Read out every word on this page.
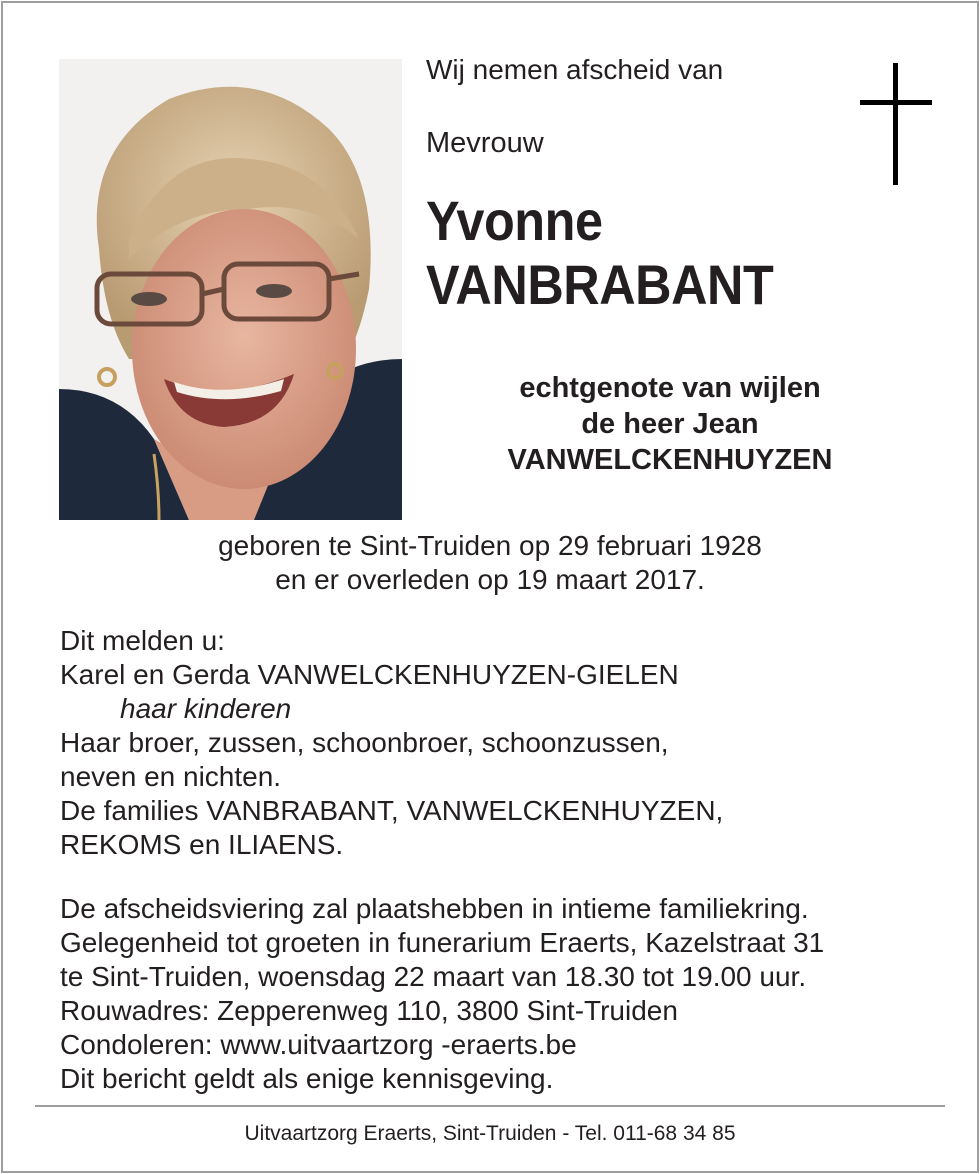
Wij nemen afscheid van
Mevrouw
Yvonne
VANBRABANT
echtgenote van wijlen
de heer Jean
VANWELCKENHUYZEN
geboren te Sint-Truiden op 29 februari 1928
en er overleden op 19 maart 2017.
Dit melden u:
Karel en Gerda VANWELCKENHUYZEN-GIELEN
haar kinderen
Haar broer, zussen, schoonbroer, schoonzussen,
neven en nichten.
De families VANBRABANT, VANWELCKENHUYZEN,
REKOMS en ILIAENS.
De afscheidsviering zal plaatshebben in intieme familiekring.
Gelegenheid tot groeten in funerarium Eraerts, Kazelstraat 31
te Sint-Truiden, woensdag 22 maart van 18.30 tot 19.00 uur.
Rouwadres: Zepperenweg 110, 3800 Sint-Truiden
Condoleren: www.uitvaartzorg -eraerts.be
Dit bericht geldt als enige kennisgeving.
Uitvaartzorg Eraerts, Sint-Truiden - Tel. 011-68 34 85
